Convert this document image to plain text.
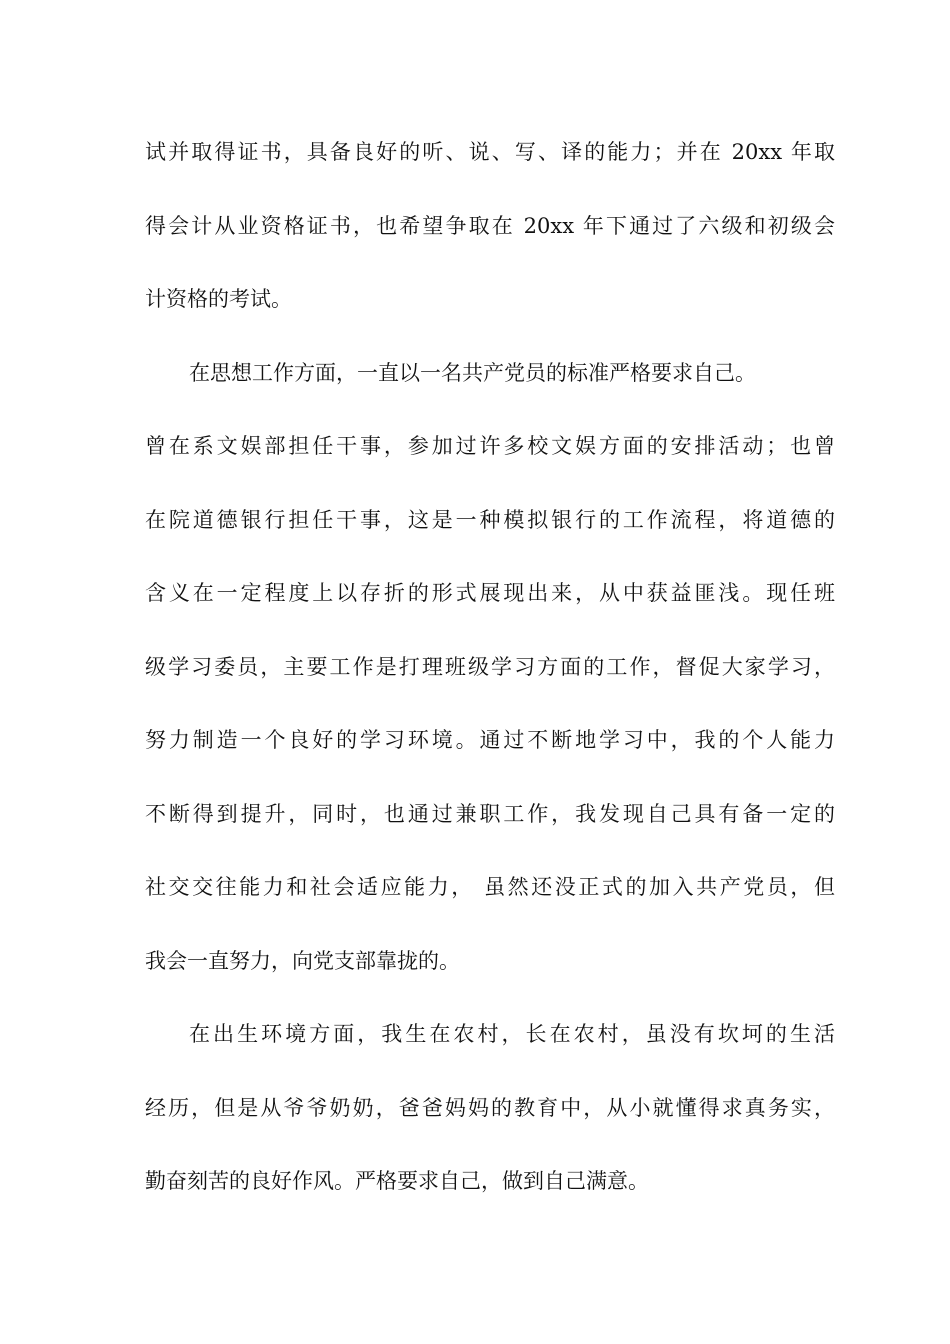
试并取得证书，具备良好的听、说、写、译的能力；并在 20xx 年取
得会计从业资格证书，也希望争取在 20xx 年下通过了六级和初级会
计资格的考试。
在思想工作方面，一直以一名共产党员的标准严格要求自己。
曾在系文娱部担任干事，参加过许多校文娱方面的安排活动；也曾
在院道德银行担任干事，这是一种模拟银行的工作流程，将道德的
含义在一定程度上以存折的形式展现出来，从中获益匪浅。现任班
级学习委员，主要工作是打理班级学习方面的工作，督促大家学习，
努力制造一个良好的学习环境。通过不断地学习中，我的个人能力
不断得到提升，同时，也通过兼职工作，我发现自己具有备一定的
社交交往能力和社会适应能力， 虽然还没正式的加入共产党员，但
我会一直努力，向党支部靠拢的。
在出生环境方面，我生在农村，长在农村，虽没有坎坷的生活
经历，但是从爷爷奶奶，爸爸妈妈的教育中，从小就懂得求真务实，
勤奋刻苦的良好作风。严格要求自己，做到自己满意。
